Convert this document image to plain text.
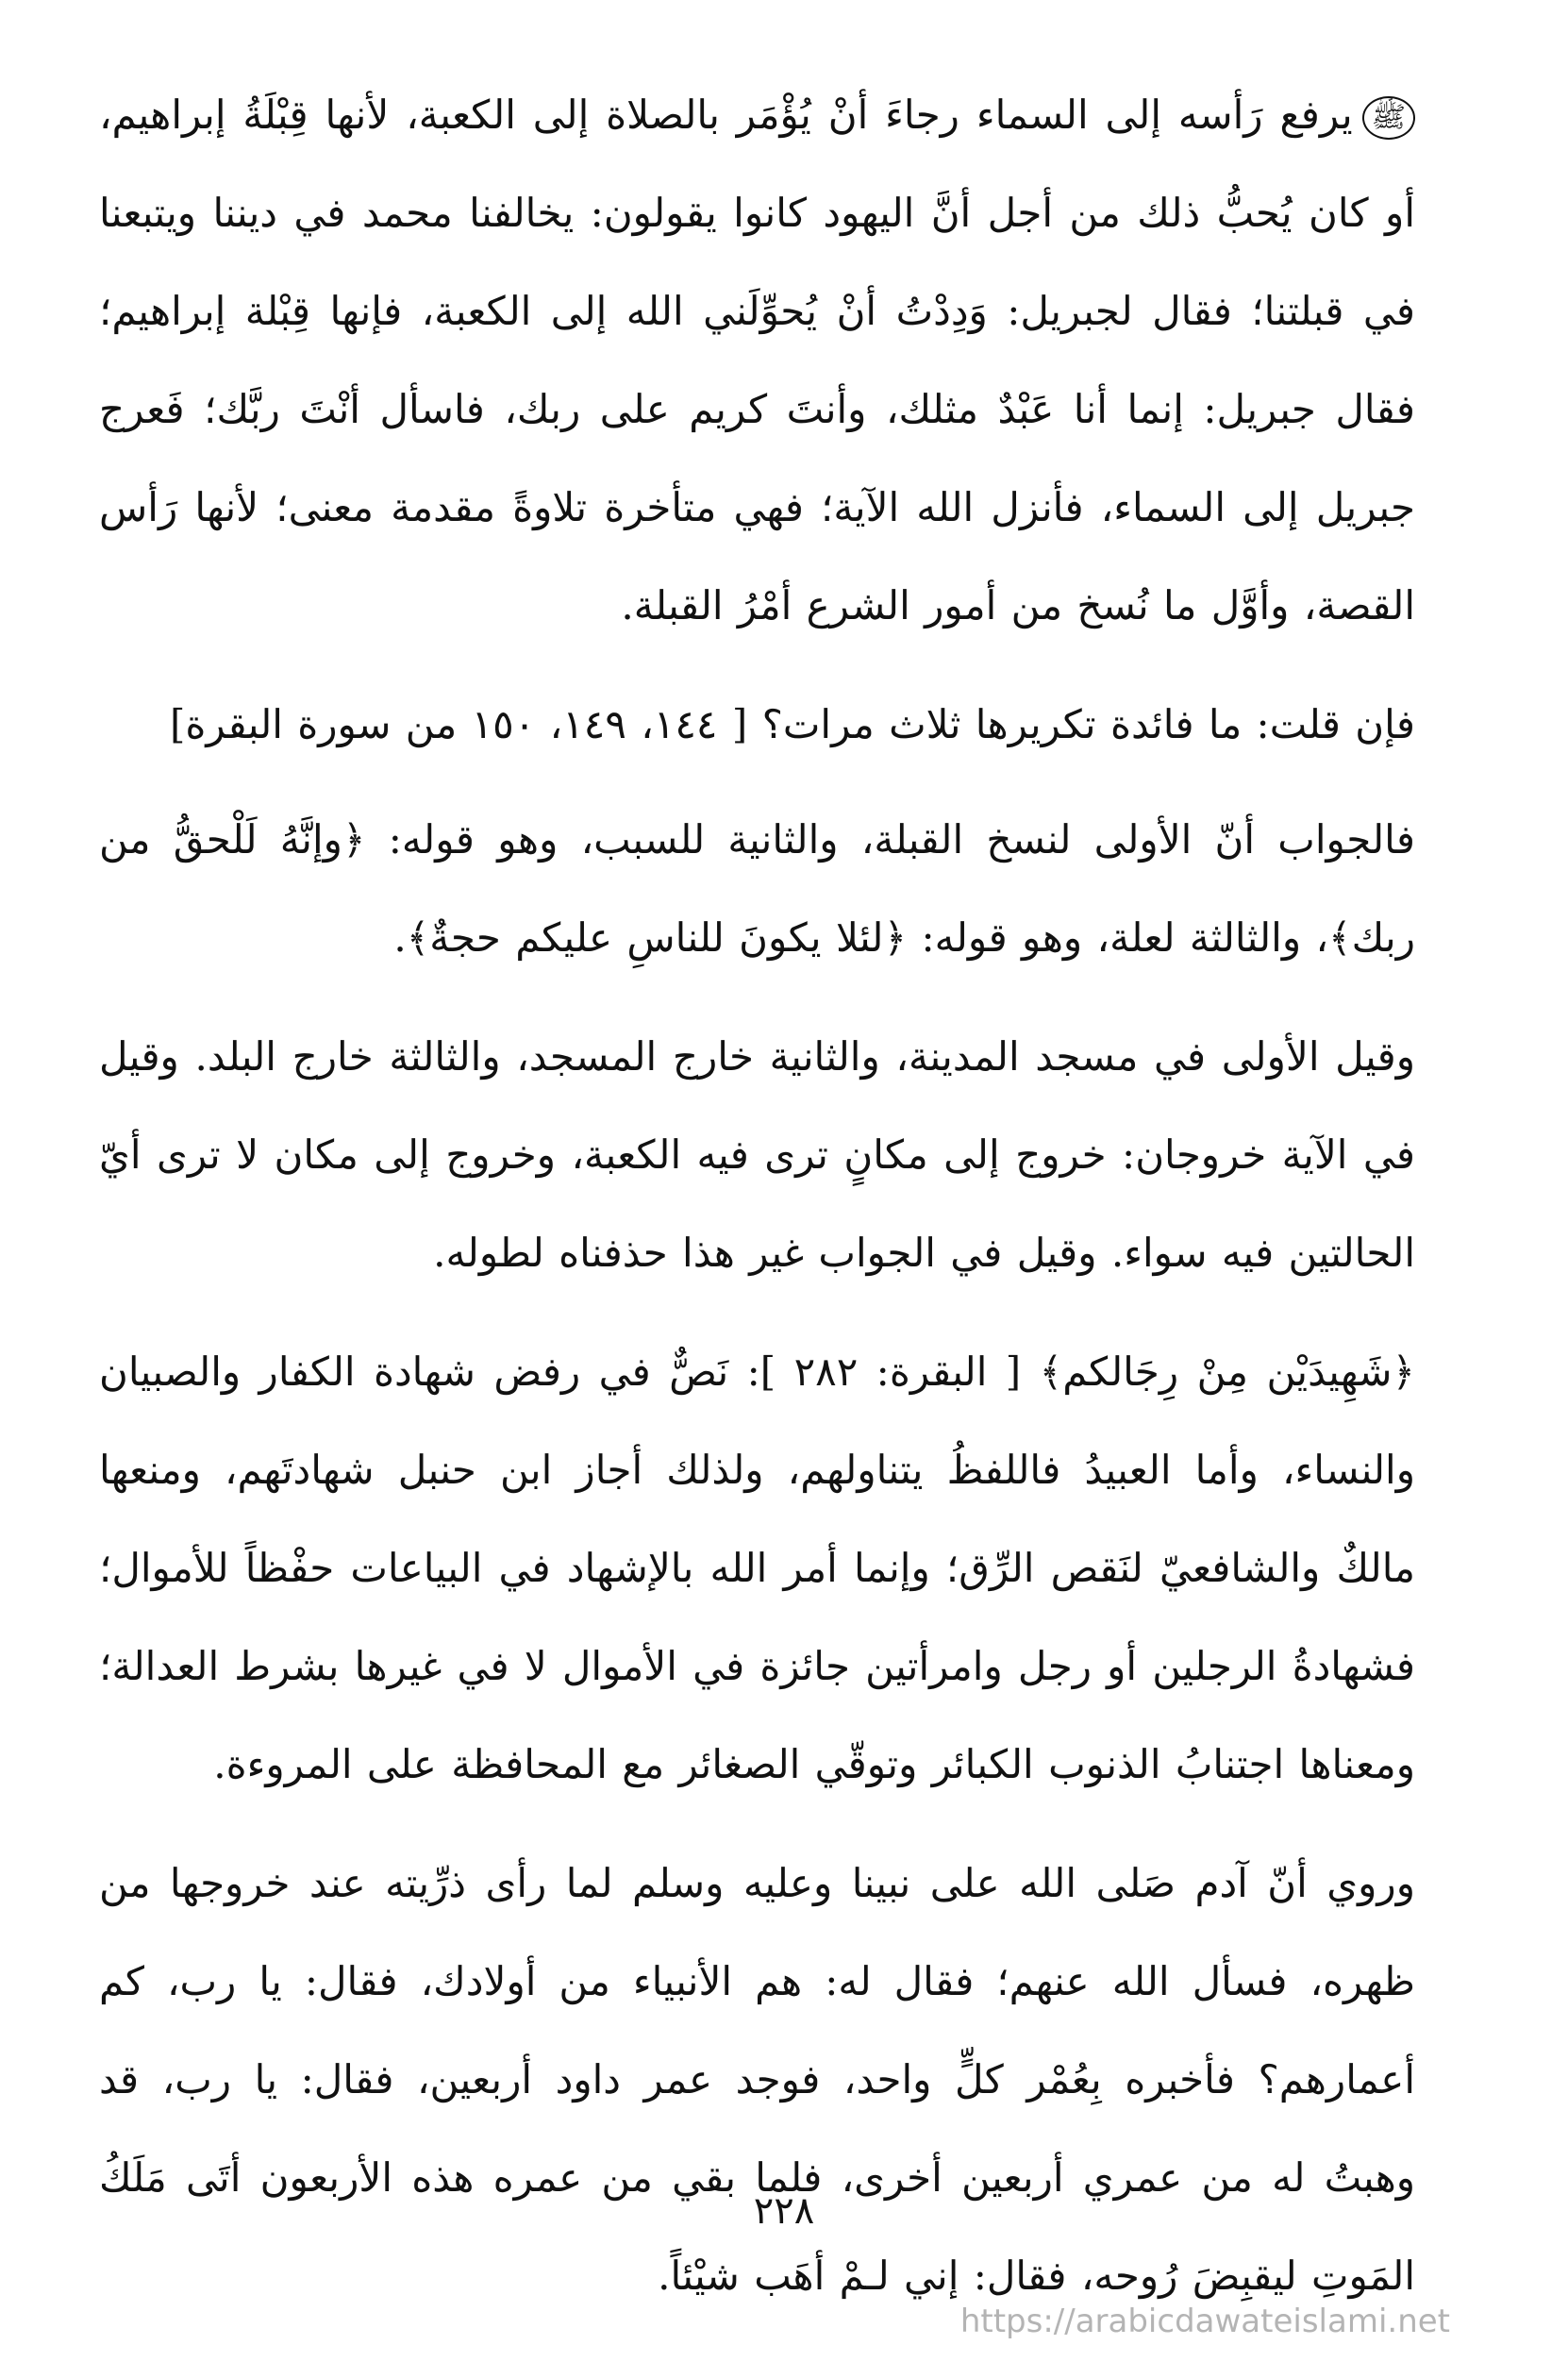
ﷺيرفع رَأسه إلى السماء رجاءَ أنْ يُؤْمَر بالصلاة إلى الكعبة، لأنها قِبْلَةُ إبراهيم، أو كان يُحبُّ ذلك من أجل أنَّ اليهود كانوا يقولون: يخالفنا محمد في ديننا ويتبعنا في قبلتنا؛ فقال لجبريل: وَدِدْتُ أنْ يُحوِّلَني الله إلى الكعبة، فإنها قِبْلة إبراهيم؛ فقال جبريل: إنما أنا عَبْدٌ مثلك، وأنتَ كريم على ربك، فاسأل أنْتَ ربَّك؛ فَعرج جبريل إلى السماء، فأنزل الله الآية؛ فهي متأخرة تلاوةً مقدمة معنى؛ لأنها رَأس القصة، وأوَّل ما نُسخ من أمور الشرع أمْرُ القبلة.

فإن قلت: ما فائدة تكريرها ثلاث مرات؟ [ ١٤٤، ١٤٩، ١٥٠ من سورة البقرة]

فالجواب أنّ الأولى لنسخ القبلة، والثانية للسبب، وهو قوله: ﴿وإنَّهُ لَلْحقُّ من ربك﴾، والثالثة لعلة، وهو قوله: ﴿لئلا يكونَ للناسِ عليكم حجةٌ﴾.

وقيل الأولى في مسجد المدينة، والثانية خارج المسجد، والثالثة خارج البلد. وقيل في الآية خروجان: خروج إلى مكانٍ ترى فيه الكعبة، وخروج إلى مكان لا ترى أيّ الحالتين فيه سواء. وقيل في الجواب غير هذا حذفناه لطوله.

﴿شَهِيدَيْن مِنْ رِجَالكم﴾ [ البقرة: ٢٨٢ ]: نَصٌّ في رفض شهادة الكفار والصبيان والنساء، وأما العبيدُ فاللفظُ يتناولهم، ولذلك أجاز ابن حنبل شهادتَهم، ومنعها مالكٌ والشافعيّ لنَقص الرِّق؛ وإنما أمر الله بالإشهاد في البياعات حفْظاً للأموال؛ فشهادةُ الرجلين أو رجل وامرأتين جائزة في الأموال لا في غيرها بشرط العدالة؛ ومعناها اجتنابُ الذنوب الكبائر وتوقّي الصغائر مع المحافظة على المروءة.

وروي أنّ آدم صَلى الله على نبينا وعليه وسلم لما رأى ذرِّيته عند خروجها من ظهره، فسأل الله عنهم؛ فقال له: هم الأنبياء من أولادك، فقال: يا رب، كم أعمارهم؟ فأخبره بِعُمْر كلٍّ واحد، فوجد عمر داود أربعين، فقال: يا رب، قد وهبتُ له من عمري أربعين أخرى، فلما بقي من عمره هذه الأربعون أتَى مَلَكُ المَوتِ ليقبِضَ رُوحه، فقال: إني لـمْ أهَب شيْئاً.

٢٢٨
https://arabicdawateislami.net
